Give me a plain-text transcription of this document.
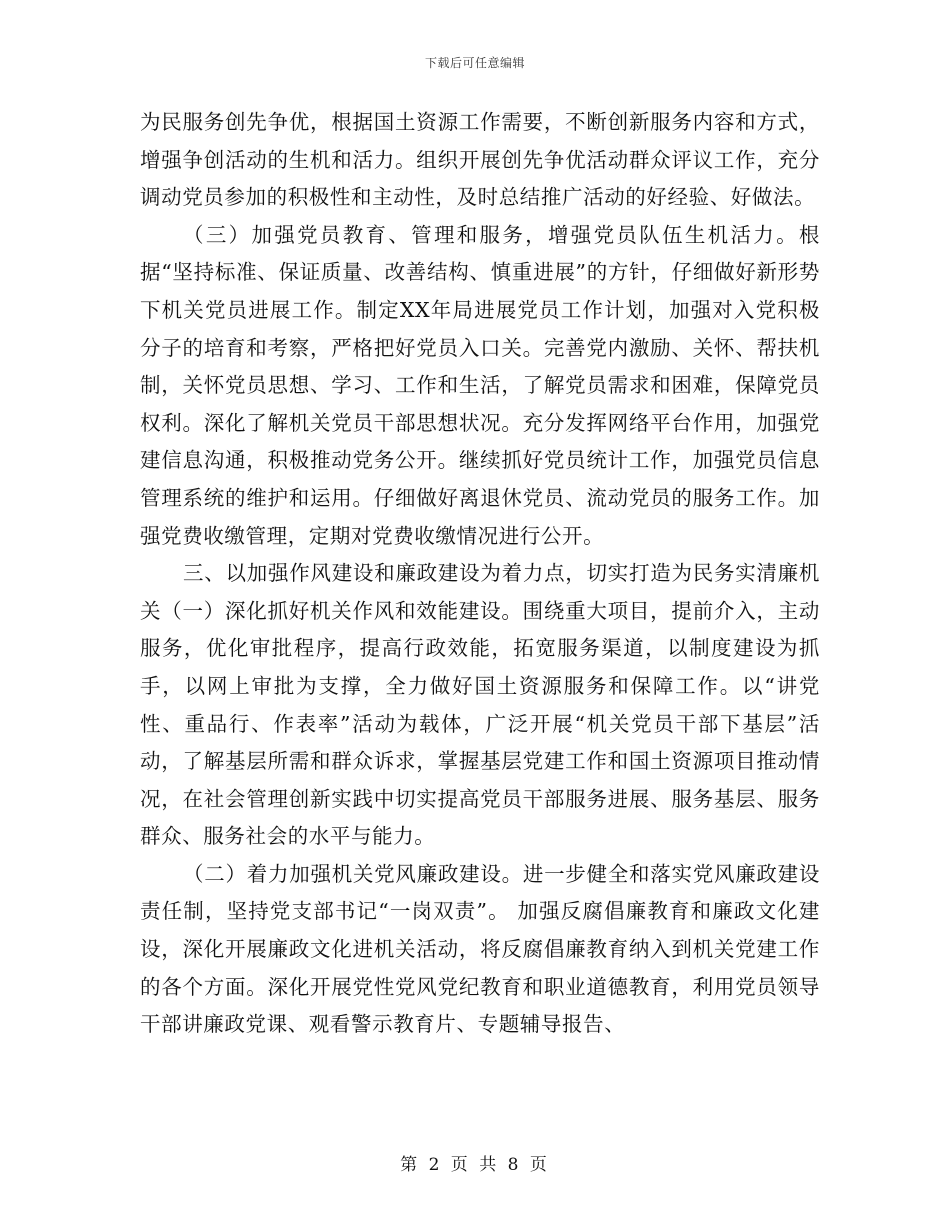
下载后可任意编辑

为民服务创先争优，根据国土资源工作需要，不断创新服务内容和方式，增强争创活动的生机和活力。组织开展创先争优活动群众评议工作，充分调动党员参加的积极性和主动性，及时总结推广活动的好经验、好做法。

（三）加强党员教育、管理和服务，增强党员队伍生机活力。根据“坚持标准、保证质量、改善结构、慎重进展”的方针，仔细做好新形势下机关党员进展工作。制定XX年局进展党员工作计划，加强对入党积极分子的培育和考察，严格把好党员入口关。完善党内激励、关怀、帮扶机制，关怀党员思想、学习、工作和生活，了解党员需求和困难，保障党员权利。深化了解机关党员干部思想状况。充分发挥网络平台作用，加强党建信息沟通，积极推动党务公开。继续抓好党员统计工作，加强党员信息管理系统的维护和运用。仔细做好离退休党员、流动党员的服务工作。加强党费收缴管理，定期对党费收缴情况进行公开。

三、以加强作风建设和廉政建设为着力点，切实打造为民务实清廉机关（一）深化抓好机关作风和效能建设。围绕重大项目，提前介入，主动服务，优化审批程序，提高行政效能，拓宽服务渠道，以制度建设为抓手，以网上审批为支撑，全力做好国土资源服务和保障工作。以“讲党性、重品行、作表率”活动为载体，广泛开展“机关党员干部下基层”活动，了解基层所需和群众诉求，掌握基层党建工作和国土资源项目推动情况，在社会管理创新实践中切实提高党员干部服务进展、服务基层、服务群众、服务社会的水平与能力。

（二）着力加强机关党风廉政建设。进一步健全和落实党风廉政建设责任制，坚持党支部书记“一岗双责”。 加强反腐倡廉教育和廉政文化建设，深化开展廉政文化进机关活动，将反腐倡廉教育纳入到机关党建工作的各个方面。深化开展党性党风党纪教育和职业道德教育，利用党员领导干部讲廉政党课、观看警示教育片、专题辅导报告、

第 2 页 共 8 页
